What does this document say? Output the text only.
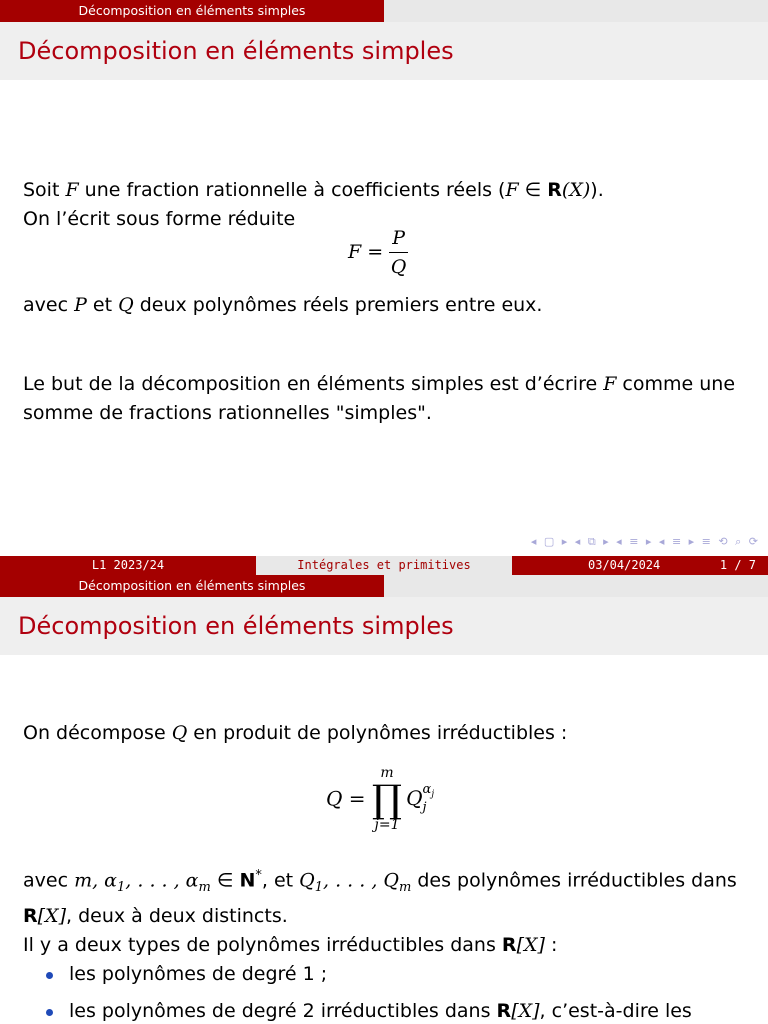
Décomposition en éléments simples
Décomposition en éléments simples
Soit F une fraction rationnelle à coefficients réels (F ∈ R(X)).
On l’écrit sous forme réduite
$F = \frac{P}{Q}$
avec P et Q deux polynômes réels premiers entre eux.
Le but de la décomposition en éléments simples est d’écrire F comme une
somme de fractions rationnelles "simples".
◂ ▢ ▸ ◂ ⧉ ▸ ◂ ≡ ▸ ◂ ≡ ▸ ≡ ⟲ ⌕ ⟳
L1 2023/24	Intégrales et primitives	03/04/2024	1 / 7
Décomposition en éléments simples
Décomposition en éléments simples
On décompose Q en produit de polynômes irréductibles :
Q =
m
∏
j=1
Q $\alpha_j$
j
avec m, $\alpha_1$, . . . , $\alpha_m$ ∈ N*, et $Q_1$, . . . , $Q_m$ des polynômes irréductibles dans
R[X], deux à deux distincts.
Il y a deux types de polynômes irréductibles dans R[X] :
les polynômes de degré 1 ;
les polynômes de degré 2 irréductibles dans R[X], c’est-à-dire les
